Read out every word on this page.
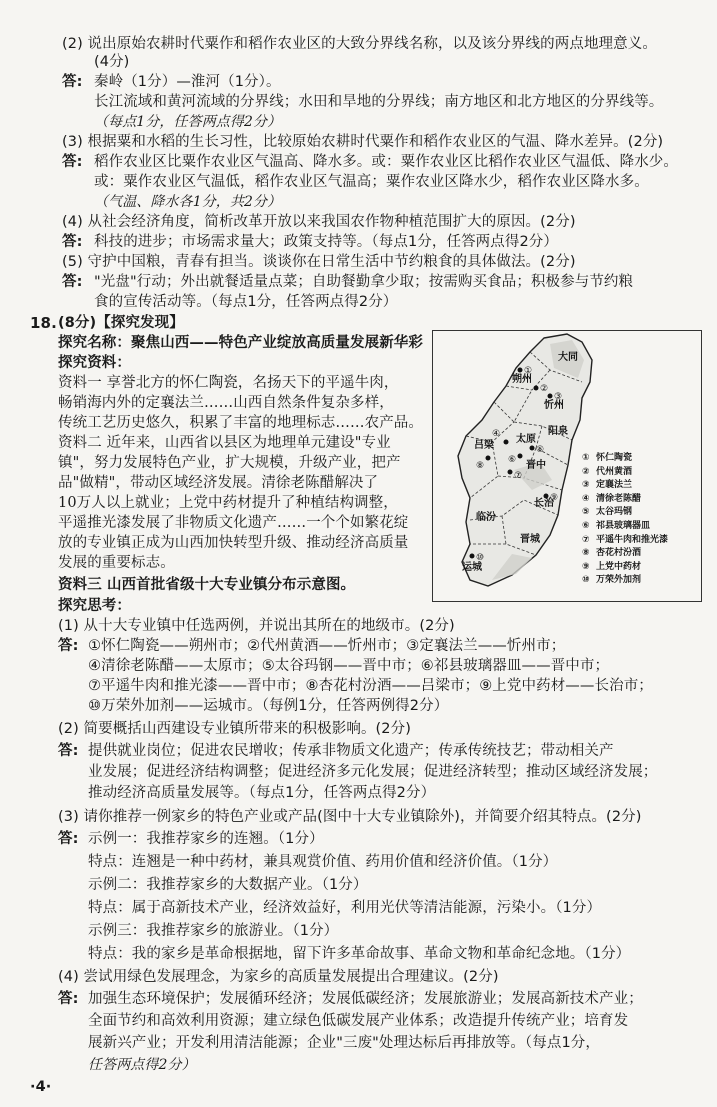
(2) 说出原始农耕时代粟作和稻作农业区的大致分界线名称，以及该分界线的两点地理意义。
(4分)
答: 秦岭（1分）—淮河（1分）。
长江流域和黄河流域的分界线；水田和旱地的分界线；南方地区和北方地区的分界线等。
（每点1分，任答两点得2分）
(3) 根据粟和水稻的生长习性，比较原始农耕时代粟作和稻作农业区的气温、降水差异。(2分)
答: 稻作农业区比粟作农业区气温高、降水多。或：粟作农业区比稻作农业区气温低、降水少。
或：粟作农业区气温低，稻作农业区气温高；粟作农业区降水少，稻作农业区降水多。
（气温、降水各1分，共2分）
(4) 从社会经济角度，简析改革开放以来我国农作物种植范围扩大的原因。(2分)
答: 科技的进步；市场需求量大；政策支持等。（每点1分，任答两点得2分）
(5) 守护中国粮，青春有担当。谈谈你在日常生活中节约粮食的具体做法。(2分)
答: "光盘"行动；外出就餐适量点菜；自助餐勤拿少取；按需购买食品；积极参与节约粮
食的宣传活动等。（每点1分，任答两点得2分）
18. (8分)【探究发现】
探究名称：聚焦山西——特色产业绽放高质量发展新华彩
探究资料：
资料一 享誉北方的怀仁陶瓷，名扬天下的平遥牛肉，
畅销海内外的定襄法兰……山西自然条件复杂多样，
传统工艺历史悠久，积累了丰富的地理标志……农产品。
资料二 近年来，山西省以县区为地理单元建设"专业
镇"，努力发展特色产业，扩大规模，升级产业，把产
品"做精"，带动区域经济发展。清徐老陈醋解决了
10万人以上就业；上党中药材提升了种植结构调整，
平遥推光漆发展了非物质文化遗产……一个个如繁花绽
放的专业镇正成为山西加快转型升级、推动经济高质量
发展的重要标志。
资料三 山西首批省级十大专业镇分布示意图。
大同
朔州
忻州
吕梁
太原
阳泉
晋中
长治
临汾
晋城
运城
①
②
③
④
⑤
⑥
⑦
⑧
⑨
⑩
① 怀仁陶瓷
② 代州黄酒
③ 定襄法兰
④ 清徐老陈醋
⑤ 太谷玛钢
⑥ 祁县玻璃器皿
⑦ 平遥牛肉和推光漆
⑧ 杏花村汾酒
⑨ 上党中药材
⑩ 万荣外加剂
探究思考：
(1) 从十大专业镇中任选两例，并说出其所在的地级市。(2分)
答: ①怀仁陶瓷——朔州市；②代州黄酒——忻州市；③定襄法兰——忻州市；
④清徐老陈醋——太原市；⑤太谷玛钢——晋中市；⑥祁县玻璃器皿——晋中市；
⑦平遥牛肉和推光漆——晋中市；⑧杏花村汾酒——吕梁市；⑨上党中药材——长治市；
⑩万荣外加剂——运城市。（每例1分，任答两例得2分）
(2) 简要概括山西建设专业镇所带来的积极影响。(2分)
答: 提供就业岗位；促进农民增收；传承非物质文化遗产；传承传统技艺；带动相关产
业发展；促进经济结构调整；促进经济多元化发展；促进经济转型；推动区域经济发展；
推动经济高质量发展等。（每点1分，任答两点得2分）
(3) 请你推荐一例家乡的特色产业或产品(图中十大专业镇除外)，并简要介绍其特点。(2分)
答: 示例一：我推荐家乡的连翘。（1分）
特点：连翘是一种中药材，兼具观赏价值、药用价值和经济价值。（1分）
示例二：我推荐家乡的大数据产业。（1分）
特点：属于高新技术产业，经济效益好，利用光伏等清洁能源，污染小。（1分）
示例三：我推荐家乡的旅游业。（1分）
特点：我的家乡是革命根据地，留下许多革命故事、革命文物和革命纪念地。（1分）
(4) 尝试用绿色发展理念，为家乡的高质量发展提出合理建议。(2分)
答: 加强生态环境保护；发展循环经济；发展低碳经济；发展旅游业；发展高新技术产业；
全面节约和高效利用资源；建立绿色低碳发展产业体系；改造提升传统产业；培育发
展新兴产业；开发利用清洁能源；企业"三废"处理达标后再排放等。（每点1分，
任答两点得2分）
·4·
